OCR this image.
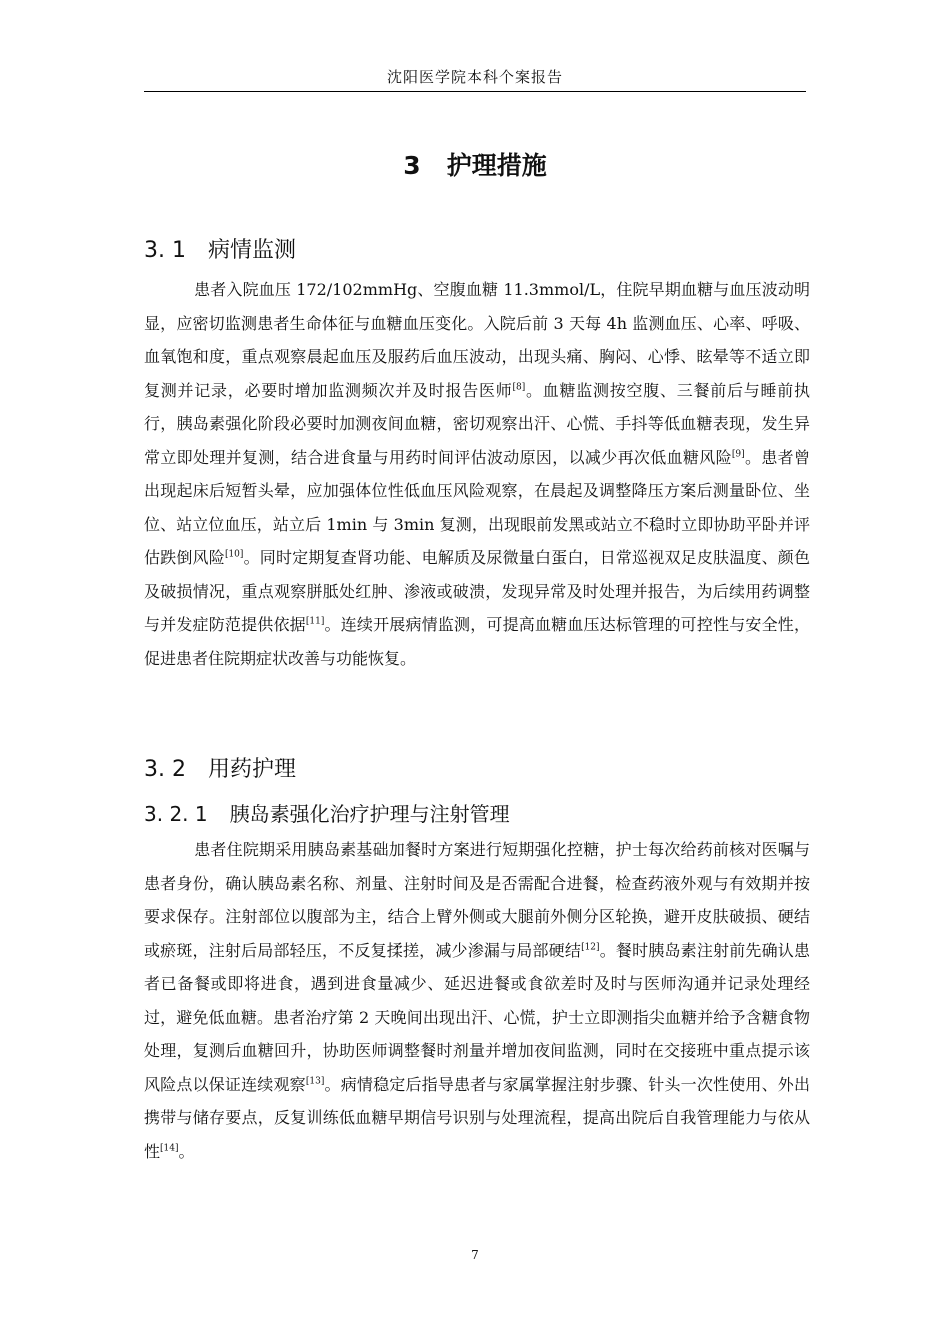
沈阳医学院本科个案报告
3 护理措施
3. 1 病情监测

患者入院血压 172/102mmHg、空腹血糖 11.3mmol/L，住院早期血糖与血压波动明显，应密切监测患者生命体征与血糖血压变化。入院后前 3 天每 4h 监测血压、心率、呼吸、血氧饱和度，重点观察晨起血压及服药后血压波动，出现头痛、胸闷、心悸、眩晕等不适立即复测并记录，必要时增加监测频次并及时报告医师[8]。血糖监测按空腹、三餐前后与睡前执行，胰岛素强化阶段必要时加测夜间血糖，密切观察出汗、心慌、手抖等低血糖表现，发生异常立即处理并复测，结合进食量与用药时间评估波动原因，以减少再次低血糖风险[9]。患者曾出现起床后短暂头晕，应加强体位性低血压风险观察，在晨起及调整降压方案后测量卧位、坐位、站立位血压，站立后 1min 与 3min 复测，出现眼前发黑或站立不稳时立即协助平卧并评估跌倒风险[10]。同时定期复查肾功能、电解质及尿微量白蛋白，日常巡视双足皮肤温度、颜色及破损情况，重点观察胼胝处红肿、渗液或破溃，发现异常及时处理并报告，为后续用药调整与并发症防范提供依据[11]。连续开展病情监测，可提高血糖血压达标管理的可控性与安全性，促进患者住院期症状改善与功能恢复。

3. 2 用药护理
3. 2. 1 胰岛素强化治疗护理与注射管理

患者住院期采用胰岛素基础加餐时方案进行短期强化控糖，护士每次给药前核对医嘱与患者身份，确认胰岛素名称、剂量、注射时间及是否需配合进餐，检查药液外观与有效期并按要求保存。注射部位以腹部为主，结合上臂外侧或大腿前外侧分区轮换，避开皮肤破损、硬结或瘀斑，注射后局部轻压，不反复揉搓，减少渗漏与局部硬结[12]。餐时胰岛素注射前先确认患者已备餐或即将进食，遇到进食量减少、延迟进餐或食欲差时及时与医师沟通并记录处理经过，避免低血糖。患者治疗第 2 天晚间出现出汗、心慌，护士立即测指尖血糖并给予含糖食物处理，复测后血糖回升，协助医师调整餐时剂量并增加夜间监测，同时在交接班中重点提示该风险点以保证连续观察[13]。病情稳定后指导患者与家属掌握注射步骤、针头一次性使用、外出携带与储存要点，反复训练低血糖早期信号识别与处理流程，提高出院后自我管理能力与依从性[14]。

7
